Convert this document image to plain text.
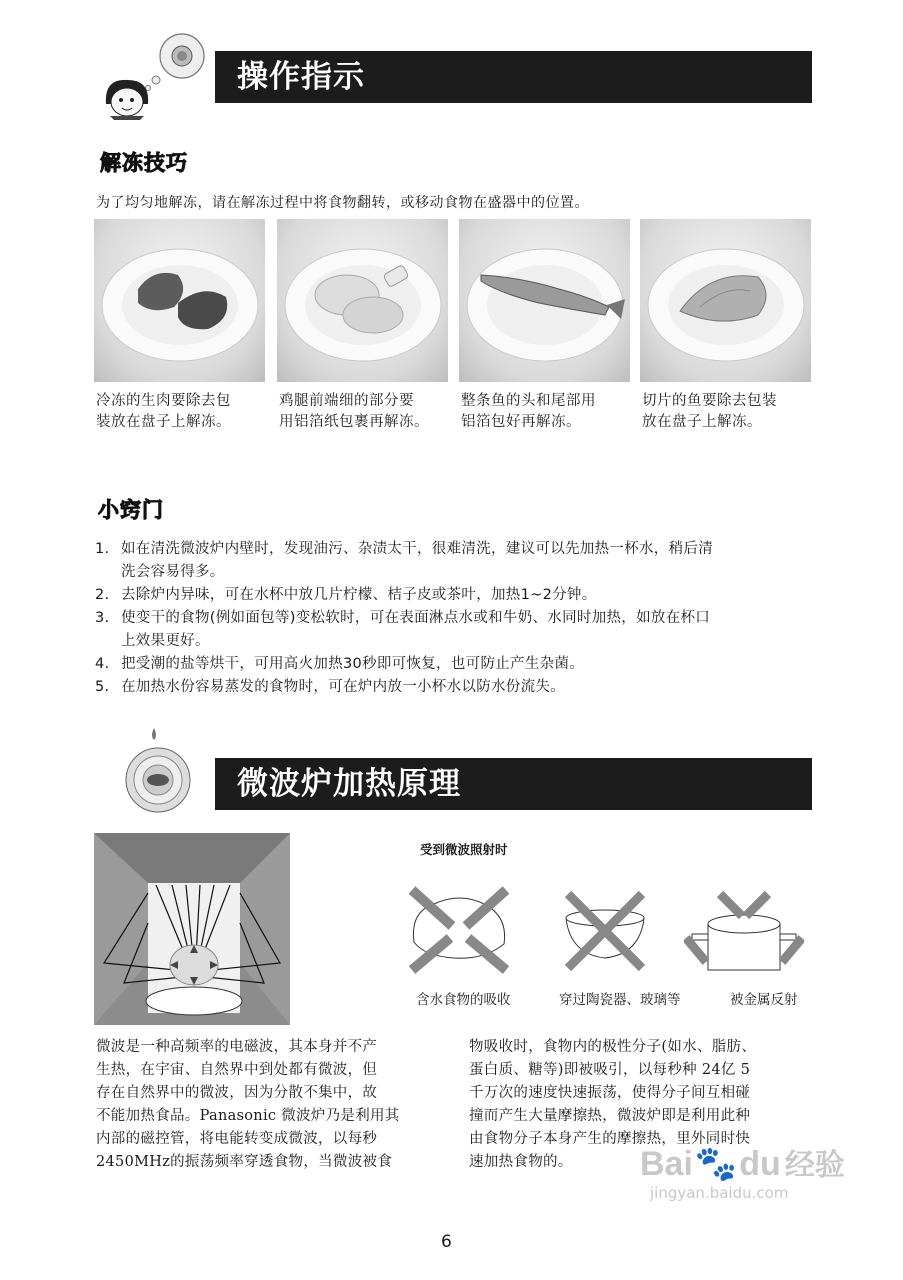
操作指示
解冻技巧
为了均匀地解冻，请在解冻过程中将食物翻转，或移动食物在盛器中的位置。
冷冻的生肉要除去包
装放在盘子上解冻。
鸡腿前端细的部分要
用铝箔纸包裹再解冻。
整条鱼的头和尾部用
铝箔包好再解冻。
切片的鱼要除去包装
放在盘子上解冻。
小窍门
1. 如在清洗微波炉内壁时，发现油污、杂渍太干，很难清洗，建议可以先加热一杯水，稍后清
洗会容易得多。
2. 去除炉内异味，可在水杯中放几片柠檬、桔子皮或茶叶，加热1~2分钟。
3. 使变干的食物(例如面包等)变松软时，可在表面淋点水或和牛奶、水同时加热，如放在杯口
上效果更好。
4. 把受潮的盐等烘干，可用高火加热30秒即可恢复，也可防止产生杂菌。
5. 在加热水份容易蒸发的食物时，可在炉内放一小杯水以防水份流失。
微波炉加热原理
受到微波照射时
含水食物的吸收	穿过陶瓷器、玻璃等	被金属反射
微波是一种高频率的电磁波，其本身并不产
生热，在宇宙、自然界中到处都有微波，但
存在自然界中的微波，因为分散不集中，故
不能加热食品。Panasonic 微波炉乃是利用其
内部的磁控管，将电能转变成微波，以每秒
2450MHz的振荡频率穿透食物，当微波被食
物吸收时，食物内的极性分子(如水、脂肪、
蛋白质、糖等)即被吸引，以每秒种 24亿 5
千万次的速度快速振荡，使得分子间互相碰
撞而产生大量摩擦热，微波炉即是利用此种
由食物分子本身产生的摩擦热，里外同时快
速加热食物的。	Bai🐾du 经验
jingyan.baidu.com
6
